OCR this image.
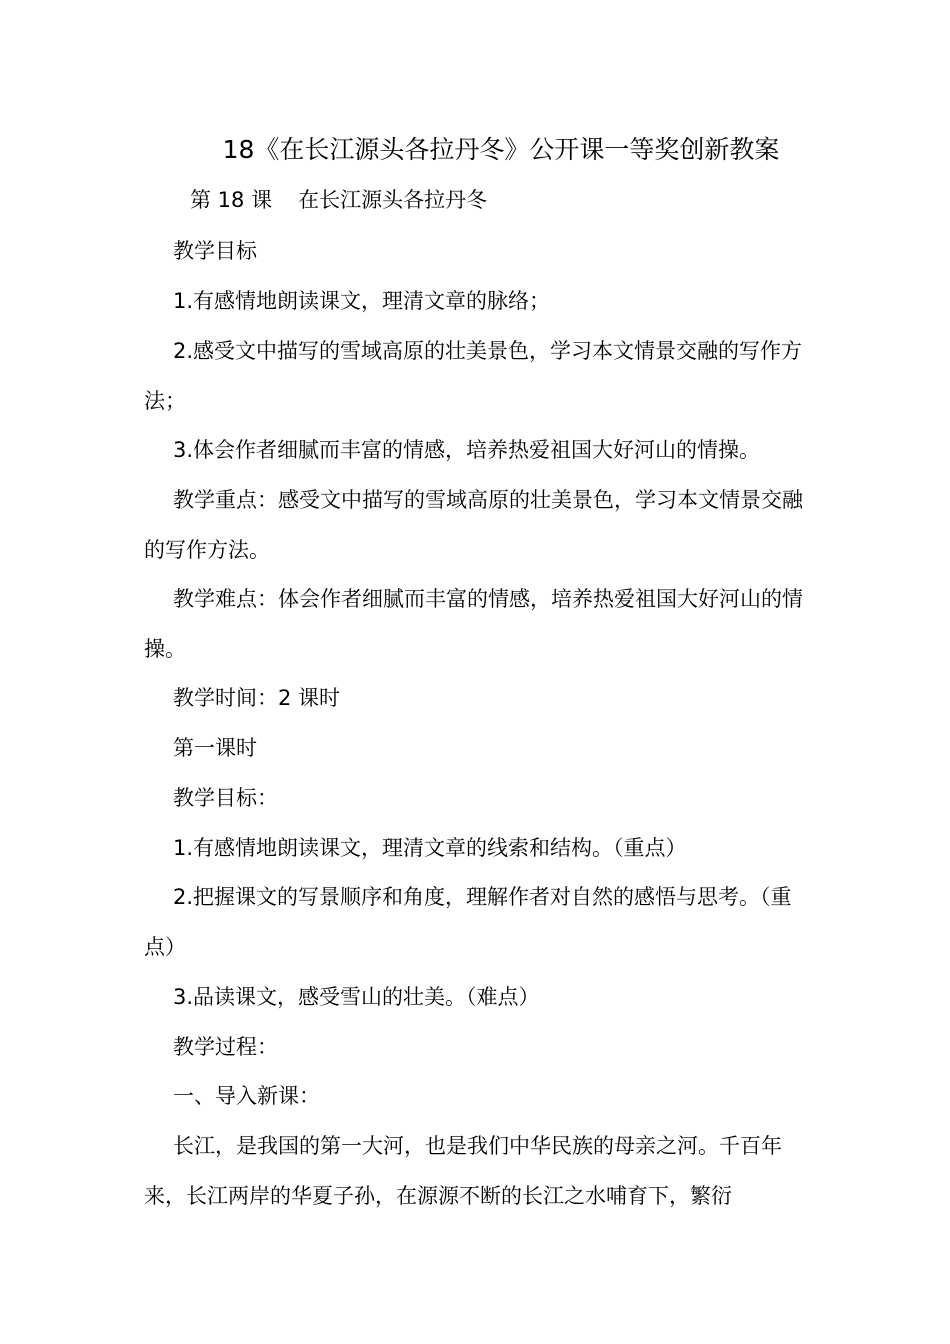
18《在长江源头各拉丹冬》公开课一等奖创新教案
第 18 课 在长江源头各拉丹冬

教学目标

1.有感情地朗读课文，理清文章的脉络；

2.感受文中描写的雪域高原的壮美景色，学习本文情景交融的写作方法；

3.体会作者细腻而丰富的情感，培养热爱祖国大好河山的情操。

教学重点：感受文中描写的雪域高原的壮美景色，学习本文情景交融的写作方法。

教学难点：体会作者细腻而丰富的情感，培养热爱祖国大好河山的情操。

教学时间：2 课时

第一课时

教学目标：

1.有感情地朗读课文，理清文章的线索和结构。（重点）

2.把握课文的写景顺序和角度，理解作者对自然的感悟与思考。（重点）

3.品读课文，感受雪山的壮美。（难点）

教学过程：

一、导入新课：

长江，是我国的第一大河，也是我们中华民族的母亲之河。千百年来，长江两岸的华夏子孙，在源源不断的长江之水哺育下，繁衍
